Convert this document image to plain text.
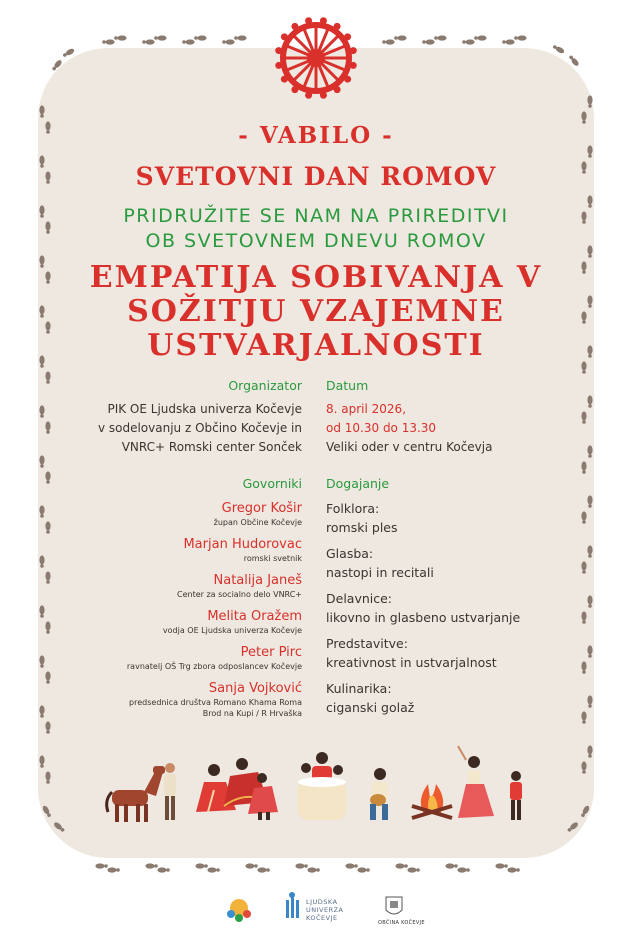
- VABILO -
SVETOVNI DAN ROMOV
PRIDRUŽITE SE NAM NA PRIREDITVI
OB SVETOVNEM DNEVU ROMOV
EMPATIJA SOBIVANJA V
SOŽITJU VZAJEMNE
USTVARJALNOSTI
Organizator
PIK OE Ljudska univerza Kočevje
v sodelovanju z Občino Kočevje in
VNRC+ Romski center Sonček
Datum
8. april 2026,
od 10.30 do 13.30
Veliki oder v centru Kočevja
Govorniki
Gregor Košir
župan Občine Kočevje
Marjan Hudorovac
romski svetnik
Natalija Janeš
Center za socialno delo VNRC+
Melita Oražem
vodja OE Ljudska univerza Kočevje
Peter Pirc
ravnatelj OŠ Trg zbora odposlancev Kočevje
Sanja Vojković
predsednica društva Romano Khama Roma
Brod na Kupi / R Hrvaška
Dogajanje
Folklora:
romski ples
Glasba:
nastopi in recitali
Delavnice:
likovno in glasbeno ustvarjanje
Predstavitve:
kreativnost in ustvarjalnost
Kulinarika:
ciganski golaž
LJUDSKA
UNIVERZA
KOČEVJE
OBČINA KOČEVJE
